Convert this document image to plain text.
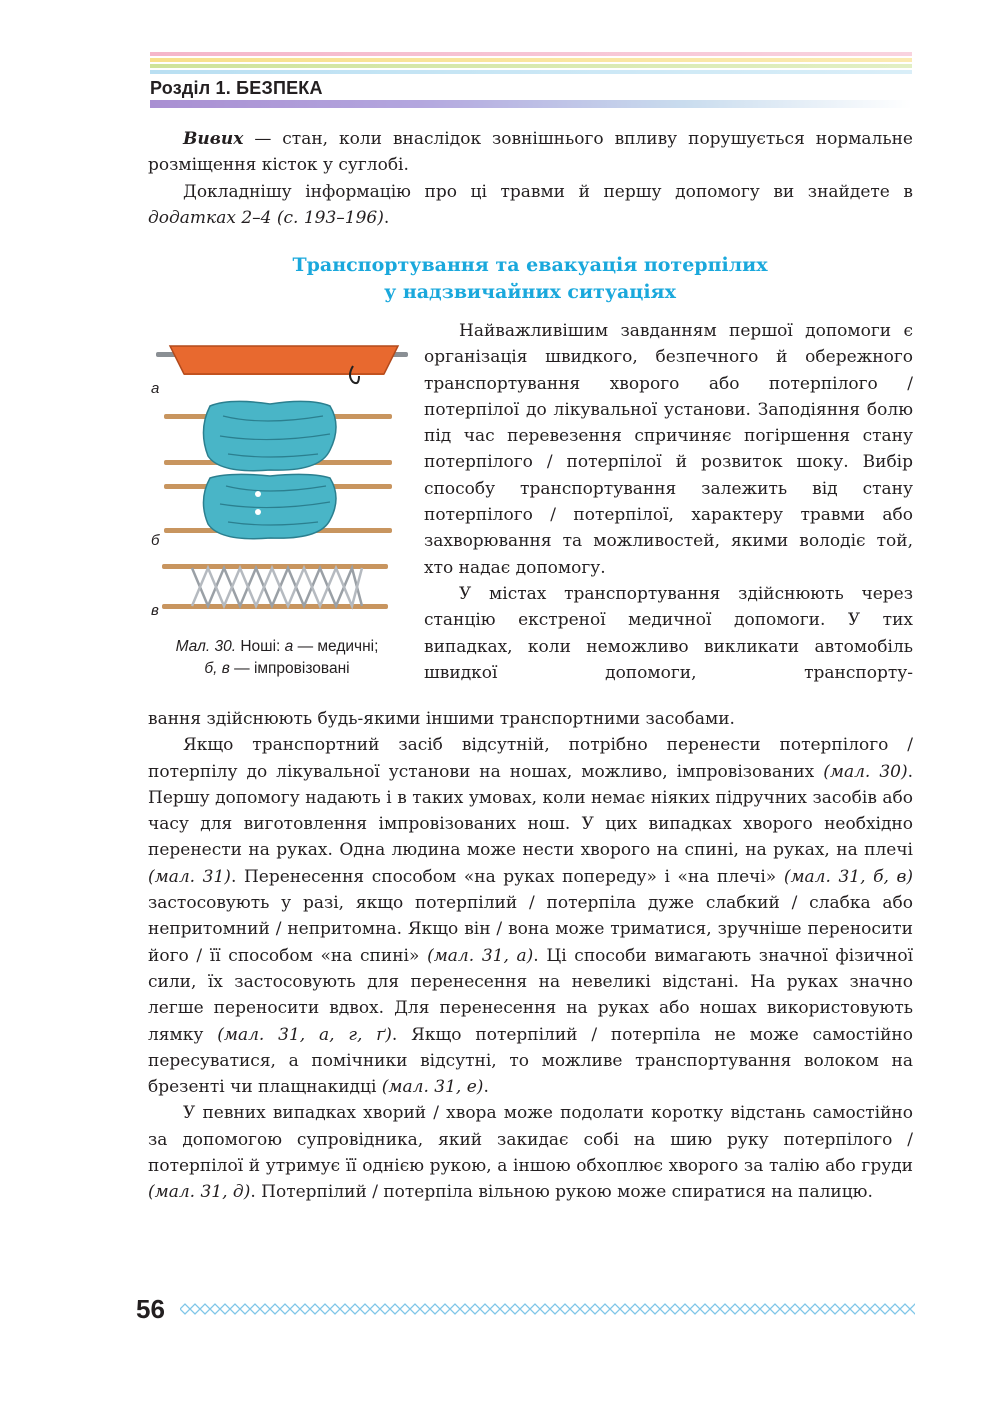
Розділ 1. БЕЗПЕКА

Вивих — стан, коли внаслідок зовнішнього впливу порушується нормальне розміщення кісток у суглобі.

Докладнішу інформацію про ці травми й першу допомогу ви знайдете в додатках 2–4 (с. 193–196).

Транспортування та евакуація потерпілих
у надзвичайних ситуаціях
а
б
в
Мал. 30. Ноші: а — медичні;
б, в — імпровізовані

Найважливішим завданням першої допомоги є організація швидкого, безпечного й обережного транспортування хворого або потерпілого / потерпілої до лікувальної установи. Заподіяння болю під час перевезення спричиняє погіршення стану потерпілого / потерпілої й розвиток шоку. Вибір способу транспортування залежить від стану потерпілого / потерпілої, характеру травми або захворювання та можливостей, якими володіє той, хто надає допомогу.

У містах транспортування здійснюють через станцію екстреної медичної допомоги. У тих випадках, коли неможливо викликати автомобіль швидкої допомоги, транспорту-

вання здійснюють будь-якими іншими транспортними засобами.

Якщо транспортний засіб відсутній, потрібно перенести потерпілого / потерпілу до лікувальної установи на ношах, можливо, імпровізованих (мал. 30). Першу допомогу надають і в таких умовах, коли немає ніяких підручних засобів або часу для виготовлення імпровізованих нош. У цих випадках хворого необхідно перенести на руках. Одна людина може нести хворого на спині, на руках, на плечі (мал. 31). Перенесення способом «на руках попереду» і «на плечі» (мал. 31, б, в) застосовують у разі, якщо потерпілий / потерпіла дуже слабкий / слабка або непритомний / непритомна. Якщо він / вона може триматися, зручніше переносити його / її способом «на спині» (мал. 31, а). Ці способи вимагають значної фізичної сили, їх застосовують для перенесення на невеликі відстані. На руках значно легше переносити вдвох. Для перенесення на руках або ношах використовують лямку (мал. 31, а, г, ґ). Якщо потерпілий / потерпіла не може самостійно пересуватися, а помічники відсутні, то можливе транспортування волоком на брезенті чи плащнакидці (мал. 31, е).

У певних випадках хворий / хвора може подолати коротку відстань самостійно за допомогою супровідника, який закидає собі на шию руку потерпілого / потерпілої й утримує її однією рукою, а іншою обхоплює хворого за талію або груди (мал. 31, д). Потерпілий / потерпіла вільною рукою може спиратися на палицю.

56
